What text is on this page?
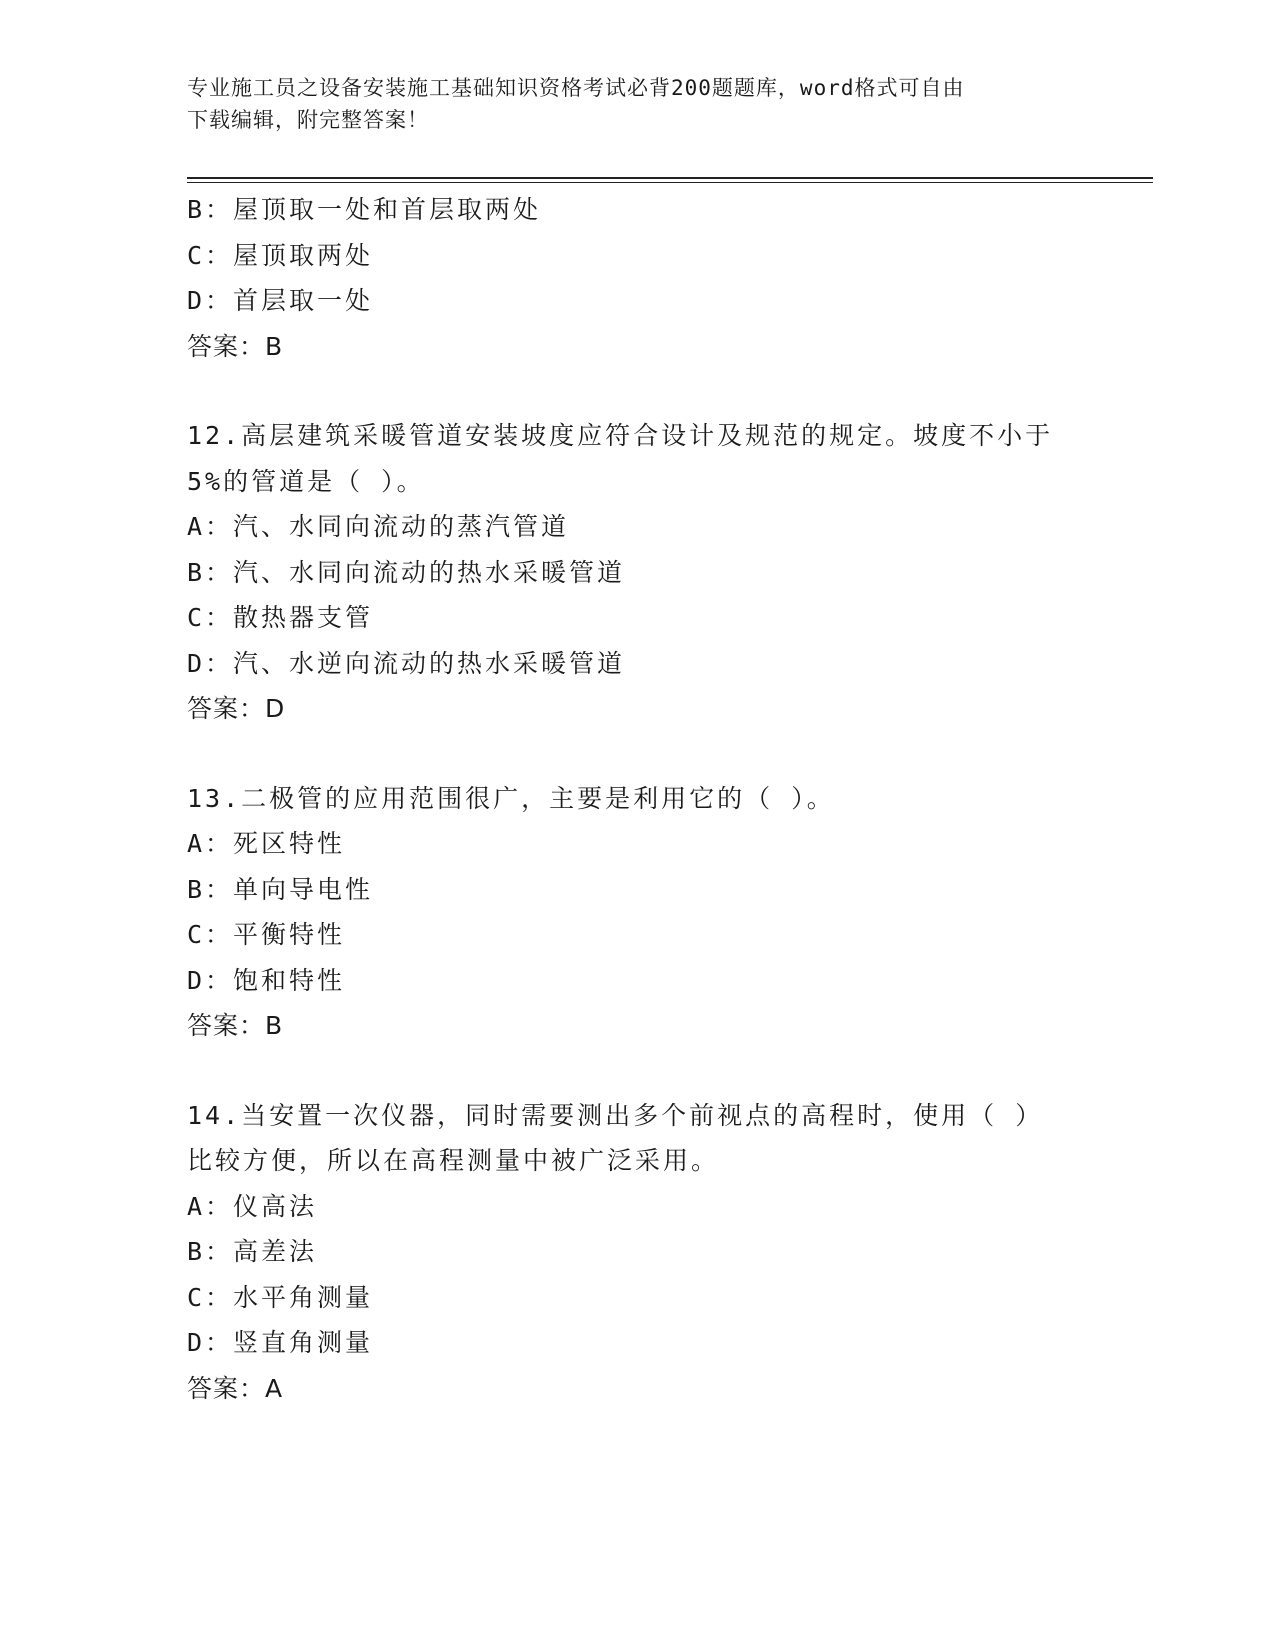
专业施工员之设备安装施工基础知识资格考试必背200题题库，word格式可自由
下载编辑，附完整答案！
B：屋顶取一处和首层取两处
C：屋顶取两处
D：首层取一处
答案：B
12.高层建筑采暖管道安装坡度应符合设计及规范的规定。坡度不小于
5%的管道是（ ）。
A：汽、水同向流动的蒸汽管道
B：汽、水同向流动的热水采暖管道
C：散热器支管
D：汽、水逆向流动的热水采暖管道
答案：D
13.二极管的应用范围很广，主要是利用它的（ ）。
A：死区特性
B：单向导电性
C：平衡特性
D：饱和特性
答案：B
14.当安置一次仪器，同时需要测出多个前视点的高程时，使用（ ）
比较方便，所以在高程测量中被广泛采用。
A：仪高法
B：高差法
C：水平角测量
D：竖直角测量
答案：A
